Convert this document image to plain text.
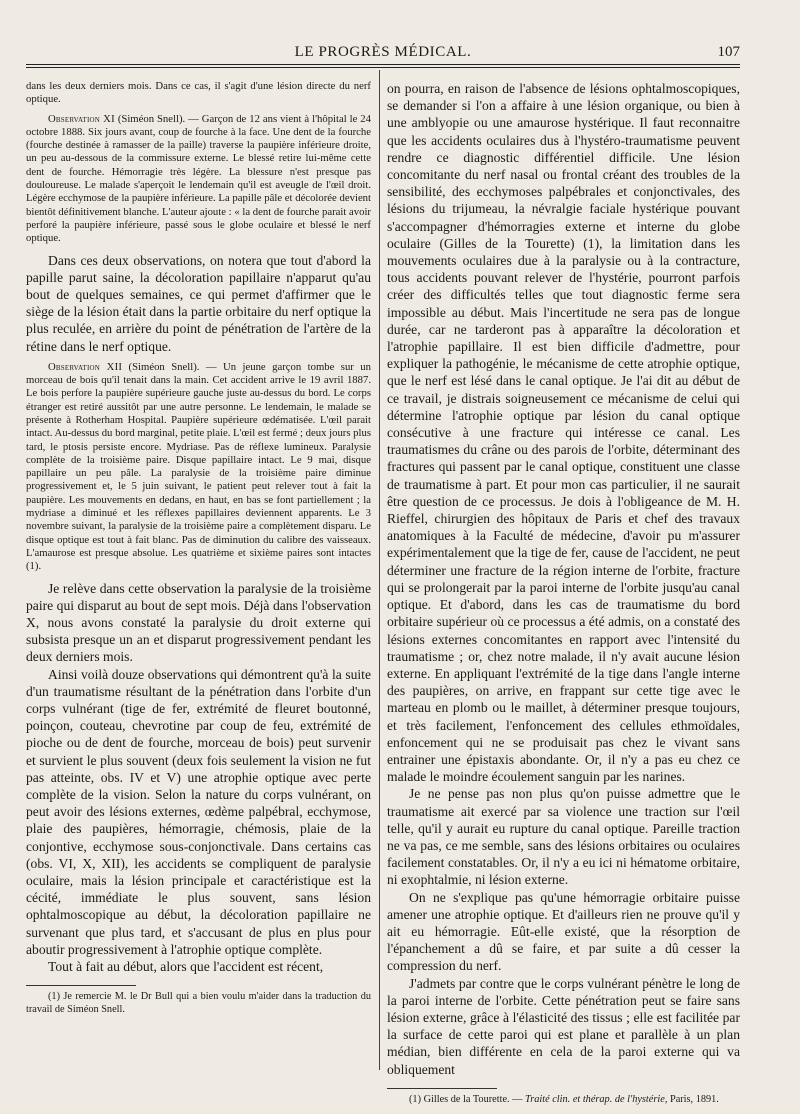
LE PROGRÈS MÉDICAL.	107

dans les deux derniers mois. Dans ce cas, il s'agit d'une lésion directe du nerf optique.

Observation XI (Siméon Snell). — Garçon de 12 ans vient à l'hôpital le 24 octobre 1888. Six jours avant, coup de fourche à la face. Une dent de la fourche (fourche destinée à ramasser de la paille) traverse la paupière inférieure droite, un peu au-dessous de la commissure externe. Le blessé retire lui-même cette dent de fourche. Hémorragie très légère. La blessure n'est presque pas douloureuse. Le malade s'aperçoit le lendemain qu'il est aveugle de l'œil droit. Légère ecchymose de la paupière inférieure. La papille pâle et décolorée devient bientôt définitivement blanche. L'auteur ajoute : « la dent de fourche parait avoir perforé la paupière inférieure, passé sous le globe oculaire et blessé le nerf optique.

Dans ces deux observations, on notera que tout d'abord la papille parut saine, la décoloration papillaire n'apparut qu'au bout de quelques semaines, ce qui permet d'affirmer que le siège de la lésion était dans la partie orbitaire du nerf optique la plus reculée, en arrière du point de pénétration de l'artère de la rétine dans le nerf optique.

Observation XII (Siméon Snell). — Un jeune garçon tombe sur un morceau de bois qu'il tenait dans la main. Cet accident arrive le 19 avril 1887. Le bois perfore la paupière supérieure gauche juste au-dessus du bord. Le corps étranger est retiré aussitôt par une autre personne. Le lendemain, le malade se présente à Rotherham Hospital. Paupière supérieure œdématisée. L'œil parait intact. Au-dessus du bord marginal, petite plaie. L'œil est fermé ; deux jours plus tard, le ptosis persiste encore. Mydriase. Pas de réflexe lumineux. Paralysie complète de la troisième paire. Disque papillaire intact. Le 9 mai, disque papillaire un peu pâle. La paralysie de la troisième paire diminue progressivement et, le 5 juin suivant, le patient peut relever tout à fait la paupière. Les mouvements en dedans, en haut, en bas se font partiellement ; la mydriase a diminué et les réflexes papillaires deviennent apparents. Le 3 novembre suivant, la paralysie de la troisième paire a complètement disparu. Le disque optique est tout à fait blanc. Pas de diminution du calibre des vaisseaux. L'amaurose est presque absolue. Les quatrième et sixième paires sont intactes (1).

Je relève dans cette observation la paralysie de la troisième paire qui disparut au bout de sept mois. Déjà dans l'observation X, nous avons constaté la paralysie du droit externe qui subsista presque un an et disparut progressivement pendant les deux derniers mois.

Ainsi voilà douze observations qui démontrent qu'à la suite d'un traumatisme résultant de la pénétration dans l'orbite d'un corps vulnérant (tige de fer, extrémité de fleuret boutonné, poinçon, couteau, chevrotine par coup de feu, extrémité de pioche ou de dent de fourche, morceau de bois) peut survenir et survient le plus souvent (deux fois seulement la vision ne fut pas atteinte, obs. IV et V) une atrophie optique avec perte complète de la vision. Selon la nature du corps vulnérant, on peut avoir des lésions externes, œdème palpébral, ecchymose, plaie des paupières, hémorragie, chémosis, plaie de la conjontive, ecchymose sous-conjonctivale. Dans certains cas (obs. VI, X, XII), les accidents se compliquent de paralysie oculaire, mais la lésion principale et caractéristique est la cécité, immédiate le plus souvent, sans lésion ophtalmoscopique au début, la décoloration papillaire ne survenant que plus tard, et s'accusant de plus en plus pour aboutir progressivement à l'atrophie optique complète.

Tout à fait au début, alors que l'accident est récent,

(1) Je remercie M. le Dr Bull qui a bien voulu m'aider dans la traduction du travail de Siméon Snell.

on pourra, en raison de l'absence de lésions ophtalmoscopiques, se demander si l'on a affaire à une lésion organique, ou bien à une amblyopie ou une amaurose hystérique. Il faut reconnaitre que les accidents oculaires dus à l'hystéro-traumatisme peuvent rendre ce diagnostic différentiel difficile. Une lésion concomitante du nerf nasal ou frontal créant des troubles de la sensibilité, des ecchymoses palpébrales et conjonctivales, des lésions du trijumeau, la névralgie faciale hystérique pouvant s'accompagner d'hémorragies externe et interne du globe oculaire (Gilles de la Tourette) (1), la limitation dans les mouvements oculaires due à la paralysie ou à la contracture, tous accidents pouvant relever de l'hystérie, pourront parfois créer des difficultés telles que tout diagnostic ferme sera impossible au début. Mais l'incertitude ne sera pas de longue durée, car ne tarderont pas à apparaître la décoloration et l'atrophie papillaire. Il est bien difficile d'admettre, pour expliquer la pathogénie, le mécanisme de cette atrophie optique, que le nerf est lésé dans le canal optique. Je l'ai dit au début de ce travail, je distrais soigneusement ce mécanisme de celui qui détermine l'atrophie optique par lésion du canal optique consécutive à une fracture qui intéresse ce canal. Les traumatismes du crâne ou des parois de l'orbite, déterminant des fractures qui passent par le canal optique, constituent une classe de traumatisme à part. Et pour mon cas particulier, il ne saurait être question de ce processus. Je dois à l'obligeance de M. H. Rieffel, chirurgien des hôpitaux de Paris et chef des travaux anatomiques à la Faculté de médecine, d'avoir pu m'assurer expérimentalement que la tige de fer, cause de l'accident, ne peut déterminer une fracture de la région interne de l'orbite, fracture qui se prolongerait par la paroi interne de l'orbite jusqu'au canal optique. Et d'abord, dans les cas de traumatisme du bord orbitaire supérieur où ce processus a été admis, on a constaté des lésions externes concomitantes en rapport avec l'intensité du traumatisme ; or, chez notre malade, il n'y avait aucune lésion externe. En appliquant l'extrémité de la tige dans l'angle interne des paupières, on arrive, en frappant sur cette tige avec le marteau en plomb ou le maillet, à déterminer presque toujours, et très facilement, l'enfoncement des cellules ethmoïdales, enfoncement qui ne se produisait pas chez le vivant sans entrainer une épistaxis abondante. Or, il n'y a pas eu chez ce malade le moindre écoulement sanguin par les narines.

Je ne pense pas non plus qu'on puisse admettre que le traumatisme ait exercé par sa violence une traction sur l'œil telle, qu'il y aurait eu rupture du canal optique. Pareille traction ne va pas, ce me semble, sans des lésions orbitaires ou oculaires facilement constatables. Or, il n'y a eu ici ni hématome orbitaire, ni exophtalmie, ni lésion externe.

On ne s'explique pas qu'une hémorragie orbitaire puisse amener une atrophie optique. Et d'ailleurs rien ne prouve qu'il y ait eu hémorragie. Eût-elle existé, que la résorption de l'épanchement a dû se faire, et par suite a dû cesser la compression du nerf.

J'admets par contre que le corps vulnérant pénètre le long de la paroi interne de l'orbite. Cette pénétration peut se faire sans lésion externe, grâce à l'élasticité des tissus ; elle est facilitée par la surface de cette paroi qui est plane et parallèle à un plan médian, bien différente en cela de la paroi externe qui va obliquement

(1) Gilles de la Tourette. — Traité clin. et thérap. de l'hystérie, Paris, 1891.
